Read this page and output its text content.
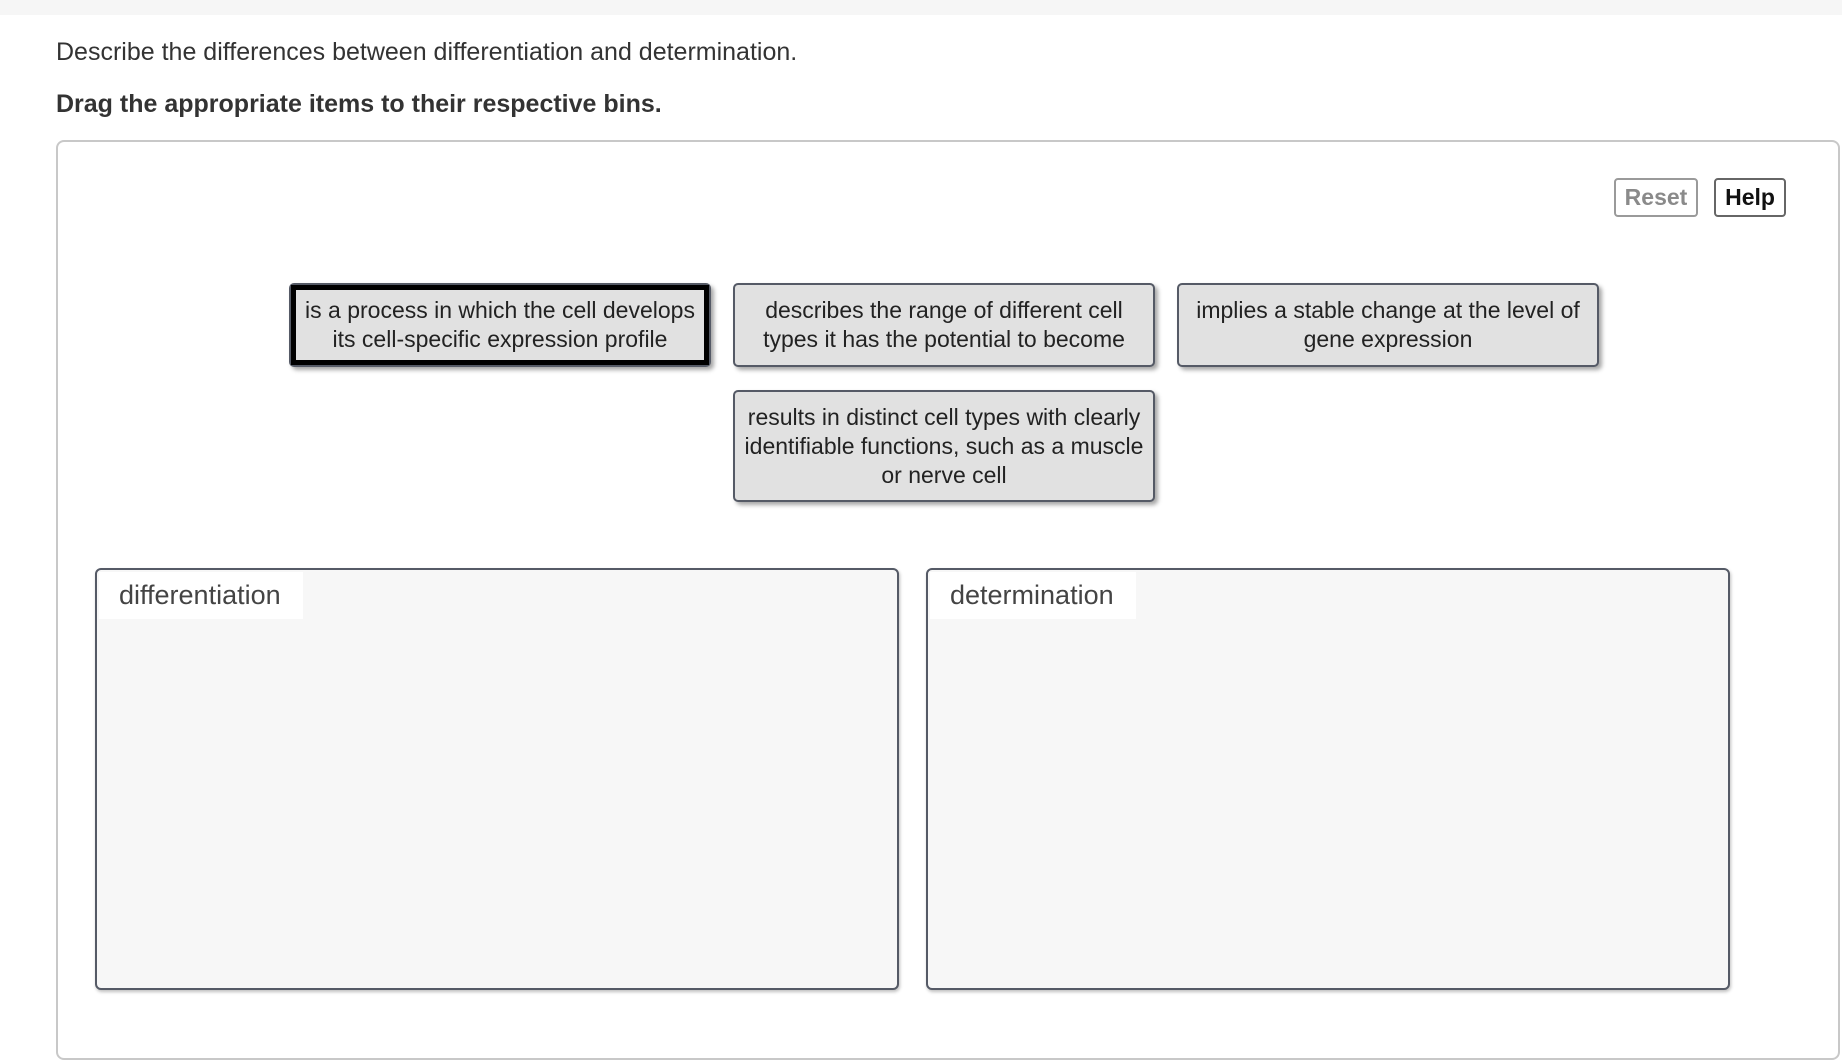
Describe the differences between differentiation and determination.
Drag the appropriate items to their respective bins.
Reset	Help
is a process in which the cell develops its cell-specific expression profile
describes the range of different cell types it has the potential to become
implies a stable change at the level of gene expression
results in distinct cell types with clearly identifiable functions, such as a muscle or nerve cell
differentiation	determination
